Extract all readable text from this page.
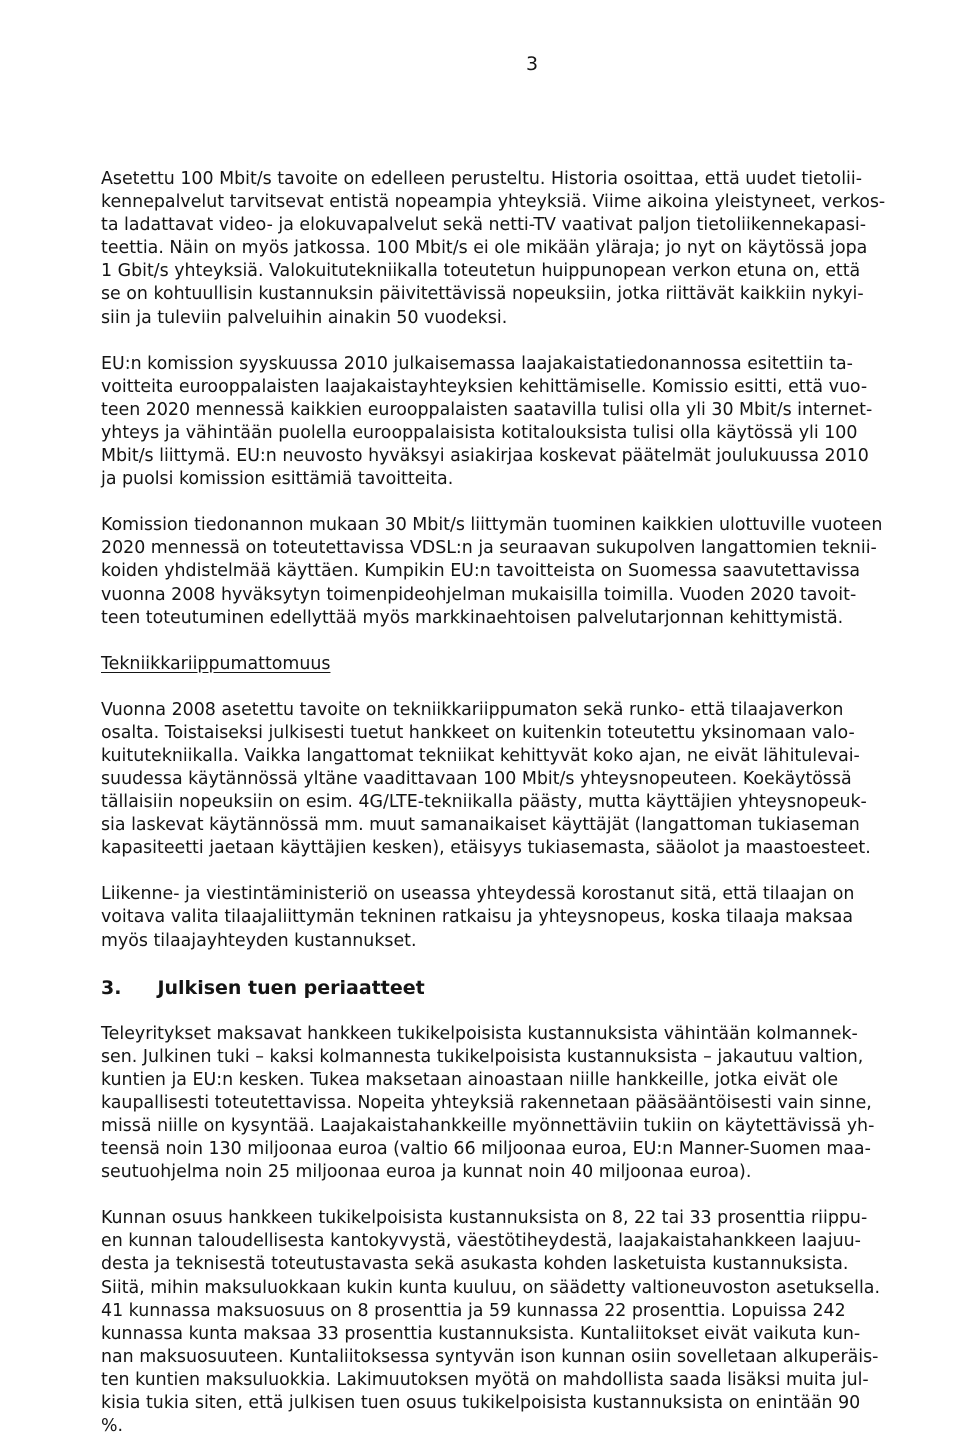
3

Asetettu 100 Mbit/s tavoite on edelleen perusteltu. Historia osoittaa, että uudet tietolii-
kennepalvelut tarvitsevat entistä nopeampia yhteyksiä. Viime aikoina yleistyneet, verkos-
ta ladattavat video- ja elokuvapalvelut sekä netti-TV vaativat paljon tietoliikennekapasi-
teettia. Näin on myös jatkossa. 100 Mbit/s ei ole mikään yläraja; jo nyt on käytössä jopa
1 Gbit/s yhteyksiä. Valokuitutekniikalla toteutetun huippunopean verkon etuna on, että
se on kohtuullisin kustannuksin päivitettävissä nopeuksiin, jotka riittävät kaikkiin nykyi-
siin ja tuleviin palveluihin ainakin 50 vuodeksi.

EU:n komission syyskuussa 2010 julkaisemassa laajakaistatiedonannossa esitettiin ta-
voitteita eurooppalaisten laajakaistayhteyksien kehittämiselle. Komissio esitti, että vuo-
teen 2020 mennessä kaikkien eurooppalaisten saatavilla tulisi olla yli 30 Mbit/s internet-
yhteys ja vähintään puolella eurooppalaisista kotitalouksista tulisi olla käytössä yli 100
Mbit/s liittymä. EU:n neuvosto hyväksyi asiakirjaa koskevat päätelmät joulukuussa 2010
ja puolsi komission esittämiä tavoitteita.

Komission tiedonannon mukaan 30 Mbit/s liittymän tuominen kaikkien ulottuville vuoteen
2020 mennessä on toteutettavissa VDSL:n ja seuraavan sukupolven langattomien teknii-
koiden yhdistelmää käyttäen. Kumpikin EU:n tavoitteista on Suomessa saavutettavissa
vuonna 2008 hyväksytyn toimenpideohjelman mukaisilla toimilla. Vuoden 2020 tavoit-
teen toteutuminen edellyttää myös markkinaehtoisen palvelutarjonnan kehittymistä.

Tekniikkariippumattomuus

Vuonna 2008 asetettu tavoite on tekniikkariippumaton sekä runko- että tilaajaverkon
osalta. Toistaiseksi julkisesti tuetut hankkeet on kuitenkin toteutettu yksinomaan valo-
kuitutekniikalla. Vaikka langattomat tekniikat kehittyvät koko ajan, ne eivät lähitulevai-
suudessa käytännössä yltäne vaadittavaan 100 Mbit/s yhteysnopeuteen. Koekäytössä
tällaisiin nopeuksiin on esim. 4G/LTE-tekniikalla päästy, mutta käyttäjien yhteysnopeuk-
sia laskevat käytännössä mm. muut samanaikaiset käyttäjät (langattoman tukiaseman
kapasiteetti jaetaan käyttäjien kesken), etäisyys tukiasemasta, sääolot ja maastoesteet.

Liikenne- ja viestintäministeriö on useassa yhteydessä korostanut sitä, että tilaajan on
voitava valita tilaajaliittymän tekninen ratkaisu ja yhteysnopeus, koska tilaaja maksaa
myös tilaajayhteyden kustannukset.

3. Julkisen tuen periaatteet

Teleyritykset maksavat hankkeen tukikelpoisista kustannuksista vähintään kolmannek-
sen. Julkinen tuki – kaksi kolmannesta tukikelpoisista kustannuksista – jakautuu valtion,
kuntien ja EU:n kesken. Tukea maksetaan ainoastaan niille hankkeille, jotka eivät ole
kaupallisesti toteutettavissa. Nopeita yhteyksiä rakennetaan pääsääntöisesti vain sinne,
missä niille on kysyntää. Laajakaistahankkeille myönnettäviin tukiin on käytettävissä yh-
teensä noin 130 miljoonaa euroa (valtio 66 miljoonaa euroa, EU:n Manner-Suomen maa-
seutuohjelma noin 25 miljoonaa euroa ja kunnat noin 40 miljoonaa euroa).

Kunnan osuus hankkeen tukikelpoisista kustannuksista on 8, 22 tai 33 prosenttia riippu-
en kunnan taloudellisesta kantokyvystä, väestötiheydestä, laajakaistahankkeen laajuu-
desta ja teknisestä toteutustavasta sekä asukasta kohden lasketuista kustannuksista.
Siitä, mihin maksuluokkaan kukin kunta kuuluu, on säädetty valtioneuvoston asetuksella.
41 kunnassa maksuosuus on 8 prosenttia ja 59 kunnassa 22 prosenttia. Lopuissa 242
kunnassa kunta maksaa 33 prosenttia kustannuksista. Kuntaliitokset eivät vaikuta kun-
nan maksuosuuteen. Kuntaliitoksessa syntyvän ison kunnan osiin sovelletaan alkuperäis-
ten kuntien maksuluokkia. Lakimuutoksen myötä on mahdollista saada lisäksi muita jul-
kisia tukia siten, että julkisen tuen osuus tukikelpoisista kustannuksista on enintään 90
%.
